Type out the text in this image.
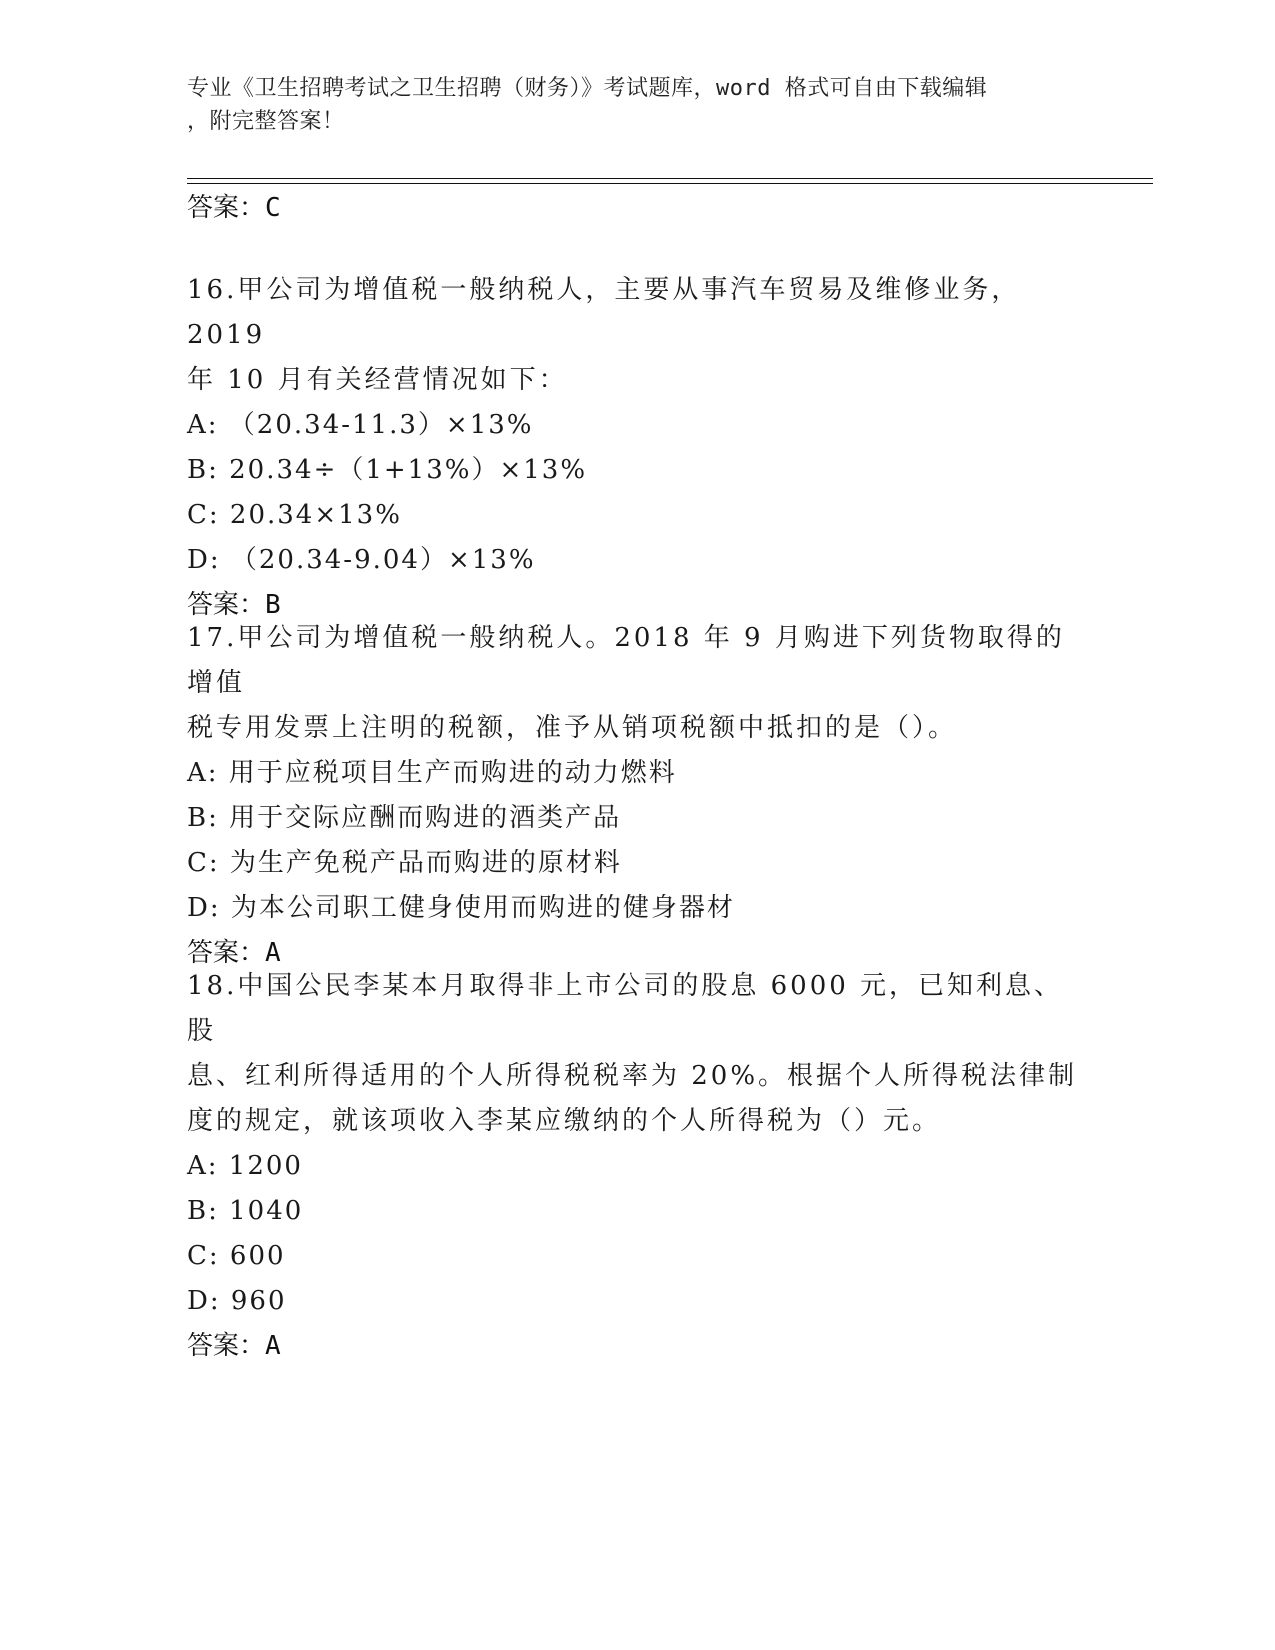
专业《卫生招聘考试之卫生招聘（财务）》考试题库，word 格式可自由下载编辑
，附完整答案！
答案：C

16.甲公司为增值税一般纳税人，主要从事汽车贸易及维修业务，2019

年 10 月有关经营情况如下：

A: （20.34-11.3）×13%

B: 20.34÷（1+13%）×13%

C: 20.34×13%

D: （20.34-9.04）×13%

答案：B

17.甲公司为增值税一般纳税人。2018 年 9 月购进下列货物取得的增值

税专用发票上注明的税额，准予从销项税额中抵扣的是（）。

A: 用于应税项目生产而购进的动力燃料

B: 用于交际应酬而购进的酒类产品

C: 为生产免税产品而购进的原材料

D: 为本公司职工健身使用而购进的健身器材

答案：A

18.中国公民李某本月取得非上市公司的股息 6000 元，已知利息、股

息、红利所得适用的个人所得税税率为 20%。根据个人所得税法律制

度的规定，就该项收入李某应缴纳的个人所得税为（）元。

A: 1200

B: 1040

C: 600

D: 960

答案：A
